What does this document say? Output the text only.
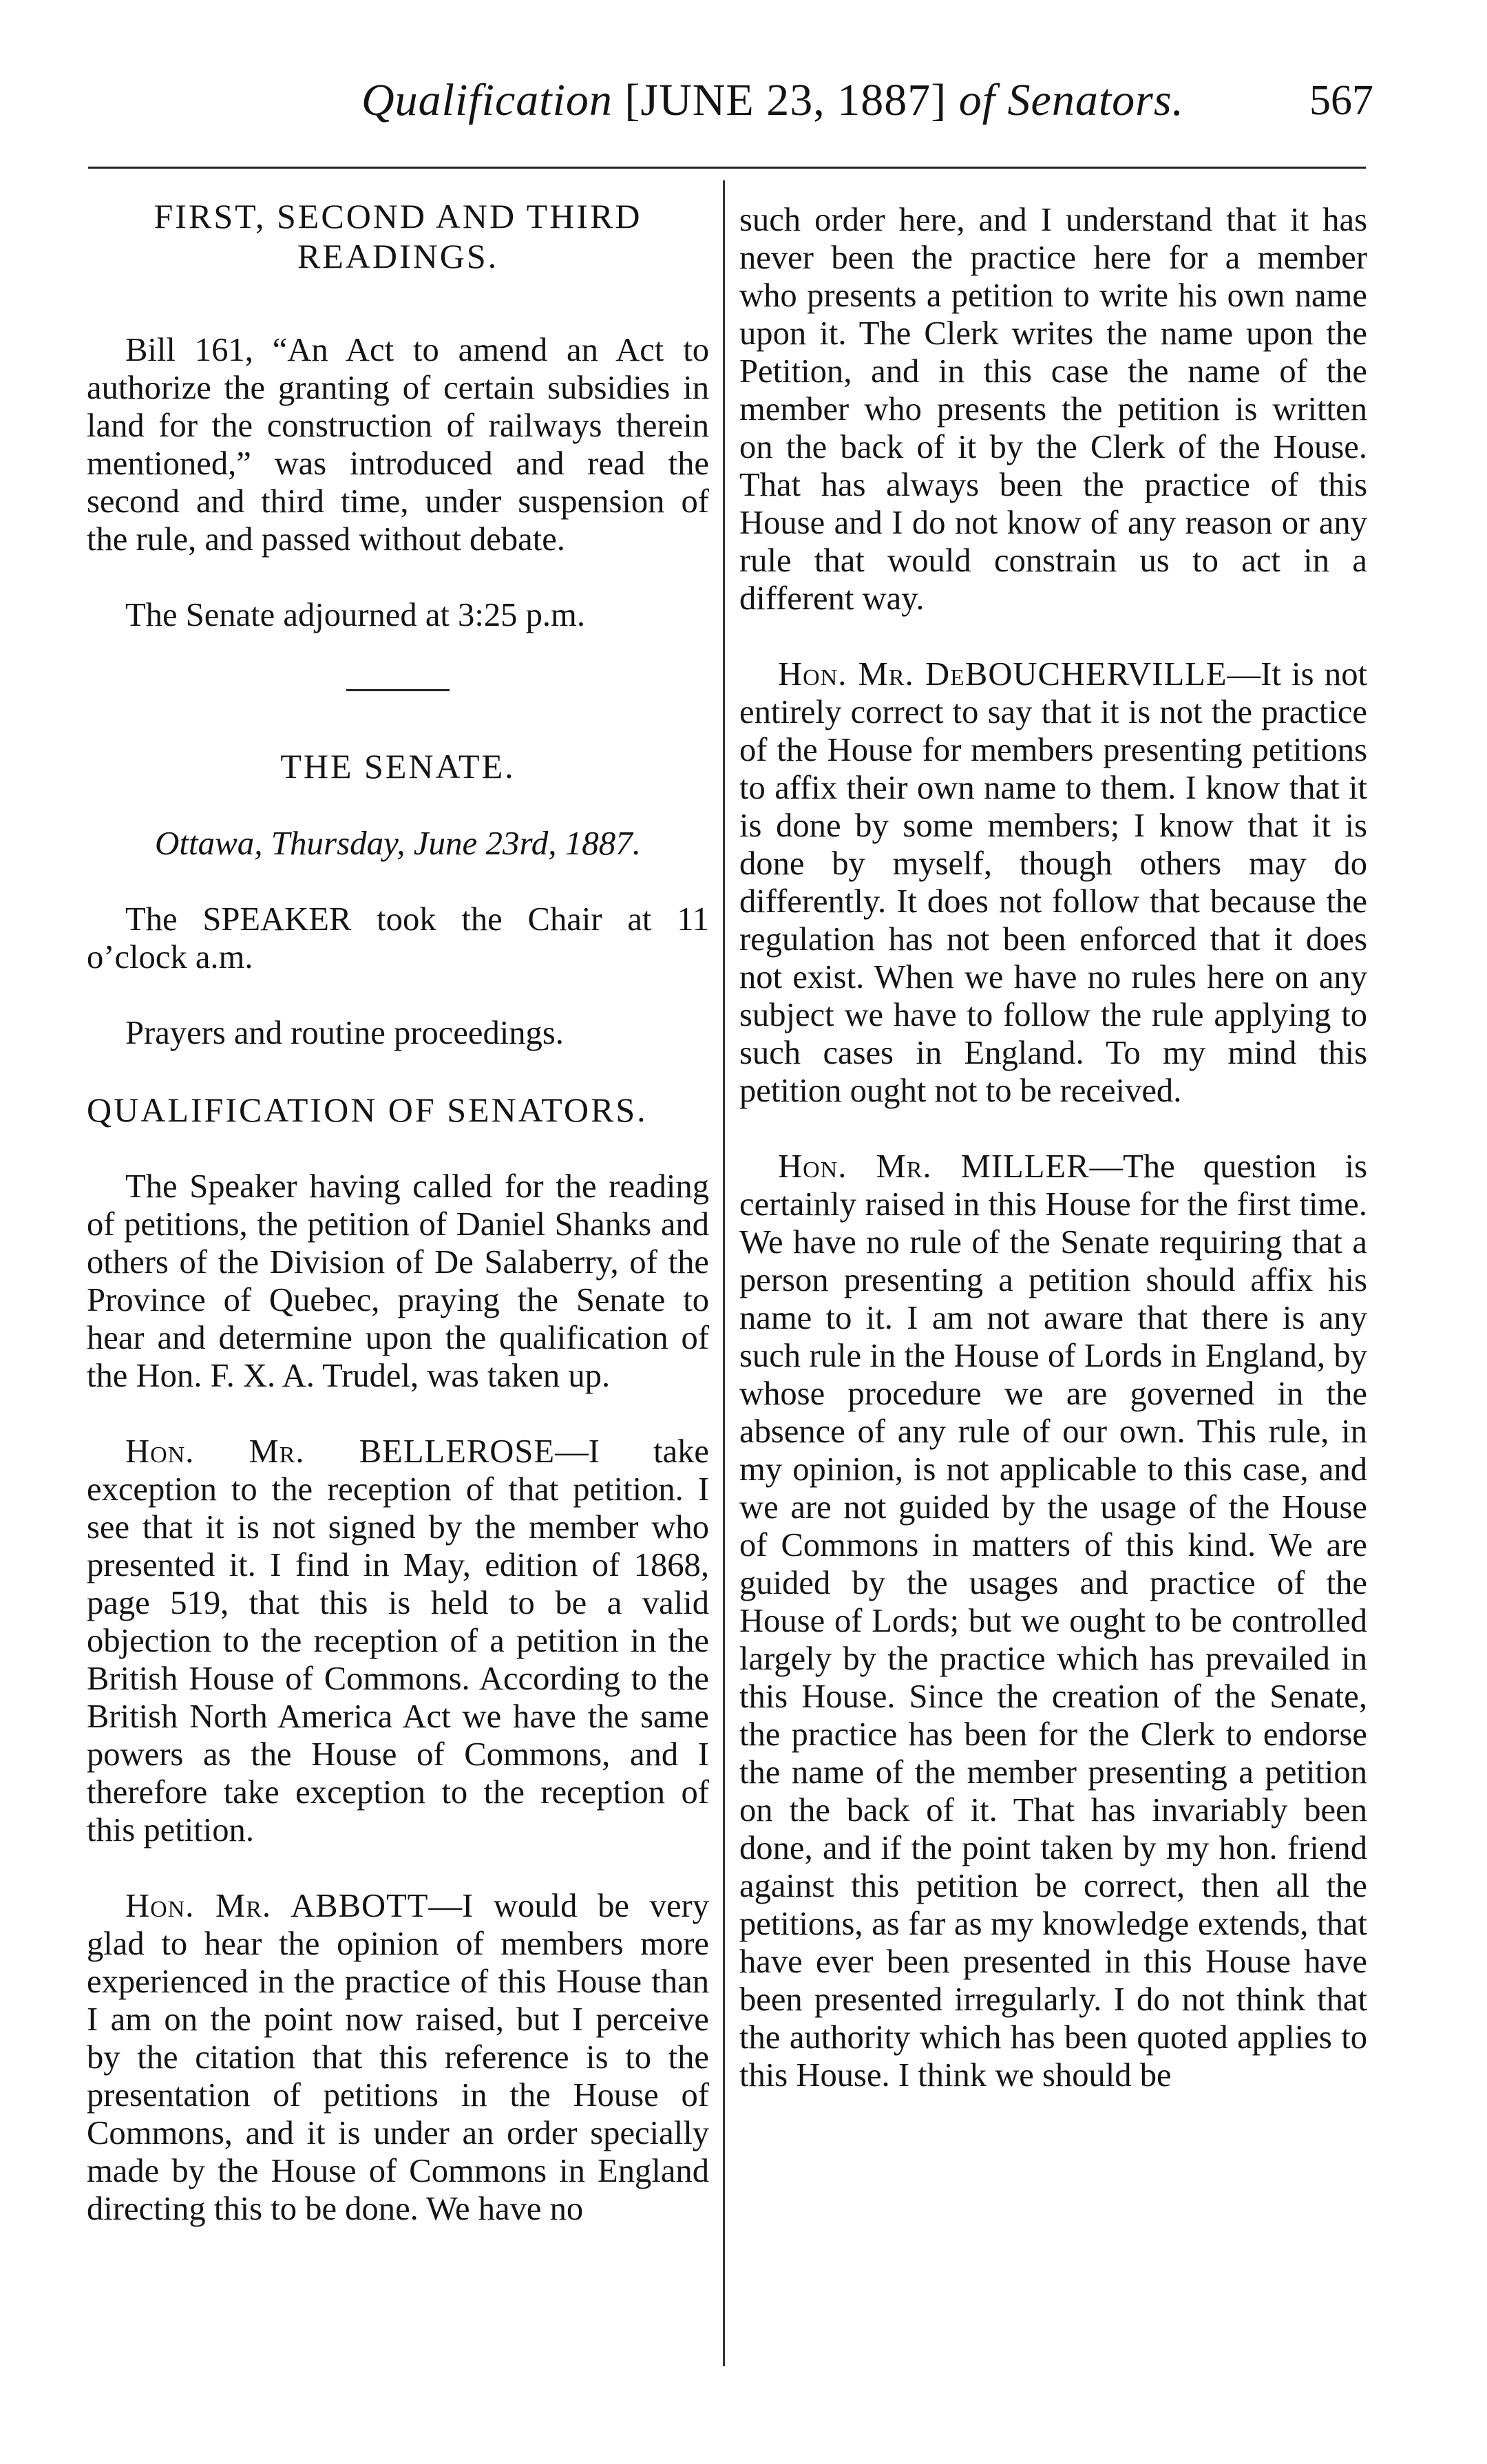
Qualification [JUNE 23, 1887] of Senators.	567
FIRST, SECOND AND THIRD READINGS.

Bill 161, “An Act to amend an Act to authorize the granting of certain subsidies in land for the construction of railways therein mentioned,” was introduced and read the second and third time, under suspension of the rule, and passed without debate.

The Senate adjourned at 3:25 p.m.

THE SENATE.
Ottawa, Thursday, June 23rd, 1887.

The SPEAKER took the Chair at 11 o’clock a.m.

Prayers and routine proceedings.

QUALIFICATION OF SENATORS.

The Speaker having called for the reading of petitions, the petition of Daniel Shanks and others of the Division of De Salaberry, of the Province of Quebec, praying the Senate to hear and determine upon the qualification of the Hon. F. X. A. Trudel, was taken up.

Hon. Mr. BELLEROSE—I take exception to the reception of that petition. I see that it is not signed by the member who presented it. I find in May, edition of 1868, page 519, that this is held to be a valid objection to the reception of a petition in the British House of Commons. According to the British North America Act we have the same powers as the House of Commons, and I therefore take exception to the reception of this petition.

Hon. Mr. ABBOTT—I would be very glad to hear the opinion of members more experienced in the practice of this House than I am on the point now raised, but I perceive by the citation that this reference is to the presentation of petitions in the House of Commons, and it is under an order specially made by the House of Commons in England directing this to be done. We have no

such order here, and I understand that it has never been the practice here for a member who presents a petition to write his own name upon it. The Clerk writes the name upon the Petition, and in this case the name of the member who presents the petition is written on the back of it by the Clerk of the House. That has always been the practice of this House and I do not know of any reason or any rule that would constrain us to act in a different way.

Hon. Mr. DeBOUCHERVILLE—It is not entirely correct to say that it is not the practice of the House for members presenting petitions to affix their own name to them. I know that it is done by some members; I know that it is done by myself, though others may do differently. It does not follow that because the regulation has not been enforced that it does not exist. When we have no rules here on any subject we have to follow the rule applying to such cases in England. To my mind this petition ought not to be received.

Hon. Mr. MILLER—The question is certainly raised in this House for the first time. We have no rule of the Senate requiring that a person presenting a petition should affix his name to it. I am not aware that there is any such rule in the House of Lords in England, by whose procedure we are governed in the absence of any rule of our own. This rule, in my opinion, is not applicable to this case, and we are not guided by the usage of the House of Commons in matters of this kind. We are guided by the usages and practice of the House of Lords; but we ought to be controlled largely by the practice which has prevailed in this House. Since the creation of the Senate, the practice has been for the Clerk to endorse the name of the member presenting a petition on the back of it. That has invariably been done, and if the point taken by my hon. friend against this petition be correct, then all the petitions, as far as my knowledge extends, that have ever been presented in this House have been presented irregularly. I do not think that the authority which has been quoted applies to this House. I think we should be
